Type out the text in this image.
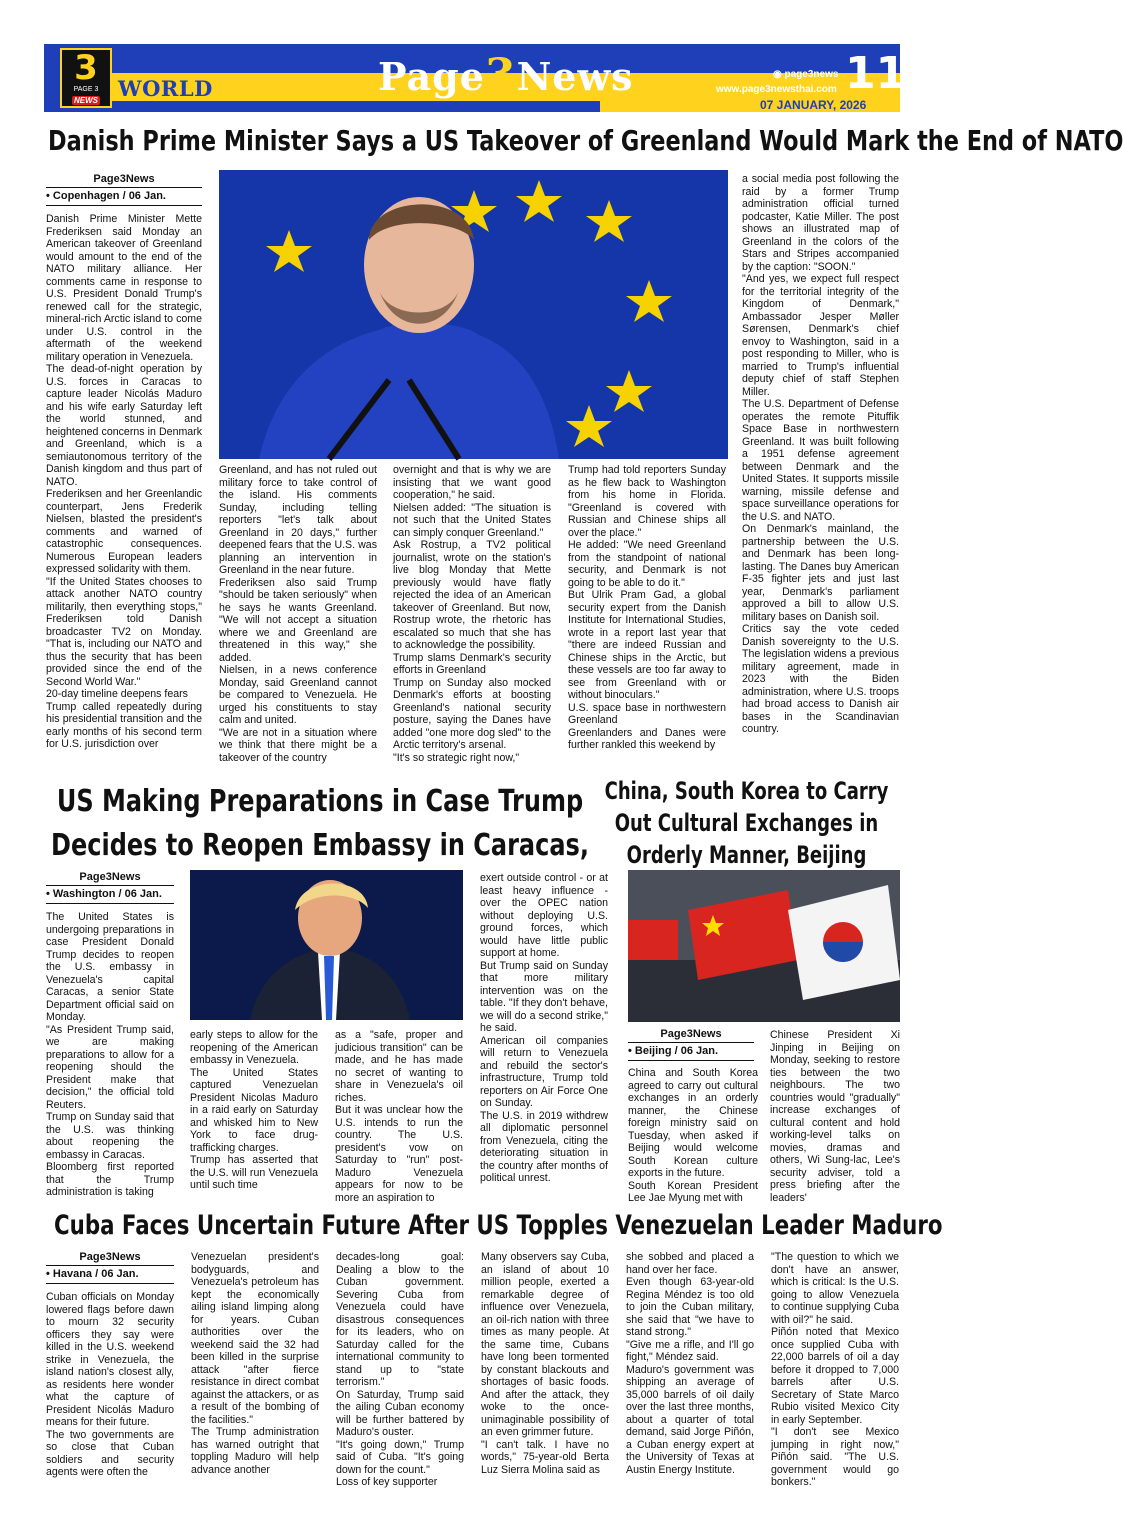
3
PAGE 3
NEWS WORLD	Page3News	◉ page3news
www.page3newsthai.com 11
07 JANUARY, 2026
Danish Prime Minister Says a US Takeover of Greenland Would Mark the End of NATO
Page3News
• Copenhagen / 06 Jan.

Danish Prime Minister Mette Frederiksen said Monday an American takeover of Greenland would amount to the end of the NATO military alliance. Her comments came in response to U.S. President Donald Trump's renewed call for the strategic, mineral-rich Arctic island to come under U.S. control in the aftermath of the weekend military operation in Venezuela.

The dead-of-night operation by U.S. forces in Caracas to capture leader Nicolás Maduro and his wife early Saturday left the world stunned, and heightened concerns in Denmark and Greenland, which is a semiautonomous territory of the Danish kingdom and thus part of NATO.

Frederiksen and her Greenlandic counterpart, Jens Frederik Nielsen, blasted the president's comments and warned of catastrophic consequences. Numerous European leaders expressed solidarity with them.

"If the United States chooses to attack another NATO country militarily, then everything stops," Frederiksen told Danish broadcaster TV2 on Monday. "That is, including our NATO and thus the security that has been provided since the end of the Second World War."

20-day timeline deepens fears

Trump called repeatedly during his presidential transition and the early months of his second term for U.S. jurisdiction over

Greenland, and has not ruled out military force to take control of the island. His comments Sunday, including telling reporters "let's talk about Greenland in 20 days," further deepened fears that the U.S. was planning an intervention in Greenland in the near future.

Frederiksen also said Trump "should be taken seriously" when he says he wants Greenland. "We will not accept a situation where we and Greenland are threatened in this way," she added.

Nielsen, in a news conference Monday, said Greenland cannot be compared to Venezuela. He urged his constituents to stay calm and united.

"We are not in a situation where we think that there might be a takeover of the country

overnight and that is why we are insisting that we want good cooperation," he said.

Nielsen added: "The situation is not such that the United States can simply conquer Greenland."

Ask Rostrup, a TV2 political journalist, wrote on the station's live blog Monday that Mette previously would have flatly rejected the idea of an American takeover of Greenland. But now, Rostrup wrote, the rhetoric has escalated so much that she has to acknowledge the possibility.

Trump slams Denmark's security efforts in Greenland

Trump on Sunday also mocked Denmark's efforts at boosting Greenland's national security posture, saying the Danes have added "one more dog sled" to the Arctic territory's arsenal.

"It's so strategic right now,"

Trump had told reporters Sunday as he flew back to Washington from his home in Florida. "Greenland is covered with Russian and Chinese ships all over the place."

He added: "We need Greenland from the standpoint of national security, and Denmark is not going to be able to do it."

But Ulrik Pram Gad, a global security expert from the Danish Institute for International Studies, wrote in a report last year that "there are indeed Russian and Chinese ships in the Arctic, but these vessels are too far away to see from Greenland with or without binoculars."

U.S. space base in northwestern Greenland

Greenlanders and Danes were further rankled this weekend by

a social media post following the raid by a former Trump administration official turned podcaster, Katie Miller. The post shows an illustrated map of Greenland in the colors of the Stars and Stripes accompanied by the caption: "SOON."

"And yes, we expect full respect for the territorial integrity of the Kingdom of Denmark," Ambassador Jesper Møller Sørensen, Denmark's chief envoy to Washington, said in a post responding to Miller, who is married to Trump's influential deputy chief of staff Stephen Miller.

The U.S. Department of Defense operates the remote Pituffik Space Base in northwestern Greenland. It was built following a 1951 defense agreement between Denmark and the United States. It supports missile warning, missile defense and space surveillance operations for the U.S. and NATO.

On Denmark's mainland, the partnership between the U.S. and Denmark has been long-lasting. The Danes buy American F-35 fighter jets and just last year, Denmark's parliament approved a bill to allow U.S. military bases on Danish soil.

Critics say the vote ceded Danish sovereignty to the U.S. The legislation widens a previous military agreement, made in 2023 with the Biden administration, where U.S. troops had broad access to Danish air bases in the Scandinavian country.

US Making Preparations in Case Trump Decides to Reopen Embassy in Caracas,
Page3News
• Washington / 06 Jan.

The United States is undergoing preparations in case President Donald Trump decides to reopen the U.S. embassy in Venezuela's capital Caracas, a senior State Department official said on Monday.

"As President Trump said, we are making preparations to allow for a reopening should the President make that decision," the official told Reuters.

Trump on Sunday said that the U.S. was thinking about reopening the embassy in Caracas.

Bloomberg first reported that the Trump administration is taking

early steps to allow for the reopening of the American embassy in Venezuela.

The United States captured Venezuelan President Nicolas Maduro in a raid early on Saturday and whisked him to New York to face drug-trafficking charges.

Trump has asserted that the U.S. will run Venezuela until such time

as a "safe, proper and judicious transition" can be made, and he has made no secret of wanting to share in Venezuela's oil riches.

But it was unclear how the U.S. intends to run the country. The U.S. president's vow on Saturday to "run" post-Maduro Venezuela appears for now to be more an aspiration to

exert outside control - or at least heavy influence - over the OPEC nation without deploying U.S. ground forces, which would have little public support at home.

But Trump said on Sunday that more military intervention was on the table. "If they don't behave, we will do a second strike," he said.

American oil companies will return to Venezuela and rebuild the sector's infrastructure, Trump told reporters on Air Force One on Sunday.

The U.S. in 2019 withdrew all diplomatic personnel from Venezuela, citing the deteriorating situation in the country after months of political unrest.

China, South Korea to Carry Out Cultural Exchanges in Orderly Manner, Beijing
Page3News
• Beijing / 06 Jan.

China and South Korea agreed to carry out cultural exchanges in an orderly manner, the Chinese foreign ministry said on Tuesday, when asked if Beijing would welcome South Korean culture exports in the future.

South Korean President Lee Jae Myung met with

Chinese President Xi Jinping in Beijing on Monday, seeking to restore ties between the two neighbours. The two countries would "gradually" increase exchanges of cultural content and hold working-level talks on movies, dramas and others, Wi Sung-lac, Lee's security adviser, told a press briefing after the leaders'

Cuba Faces Uncertain Future After US Topples Venezuelan Leader Maduro
Page3News
• Havana / 06 Jan.

Cuban officials on Monday lowered flags before dawn to mourn 32 security officers they say were killed in the U.S. weekend strike in Venezuela, the island nation's closest ally, as residents here wonder what the capture of President Nicolás Maduro means for their future.

The two governments are so close that Cuban soldiers and security agents were often the

Venezuelan president's bodyguards, and Venezuela's petroleum has kept the economically ailing island limping along for years. Cuban authorities over the weekend said the 32 had been killed in the surprise attack "after fierce resistance in direct combat against the attackers, or as a result of the bombing of the facilities."

The Trump administration has warned outright that toppling Maduro will help advance another

decades-long goal: Dealing a blow to the Cuban government. Severing Cuba from Venezuela could have disastrous consequences for its leaders, who on Saturday called for the international community to stand up to "state terrorism."

On Saturday, Trump said the ailing Cuban economy will be further battered by Maduro's ouster.

"It's going down," Trump said of Cuba. "It's going down for the count."

Loss of key supporter

Many observers say Cuba, an island of about 10 million people, exerted a remarkable degree of influence over Venezuela, an oil-rich nation with three times as many people. At the same time, Cubans have long been tormented by constant blackouts and shortages of basic foods. And after the attack, they woke to the once-unimaginable possibility of an even grimmer future.

"I can't talk. I have no words," 75-year-old Berta Luz Sierra Molina said as

she sobbed and placed a hand over her face.

Even though 63-year-old Regina Méndez is too old to join the Cuban military, she said that "we have to stand strong."

"Give me a rifle, and I'll go fight," Méndez said.

Maduro's government was shipping an average of 35,000 barrels of oil daily over the last three months, about a quarter of total demand, said Jorge Piñón, a Cuban energy expert at the University of Texas at Austin Energy Institute.

"The question to which we don't have an answer, which is critical: Is the U.S. going to allow Venezuela to continue supplying Cuba with oil?" he said.

Piñón noted that Mexico once supplied Cuba with 22,000 barrels of oil a day before it dropped to 7,000 barrels after U.S. Secretary of State Marco Rubio visited Mexico City in early September.

"I don't see Mexico jumping in right now," Piñón said. "The U.S. government would go bonkers."
